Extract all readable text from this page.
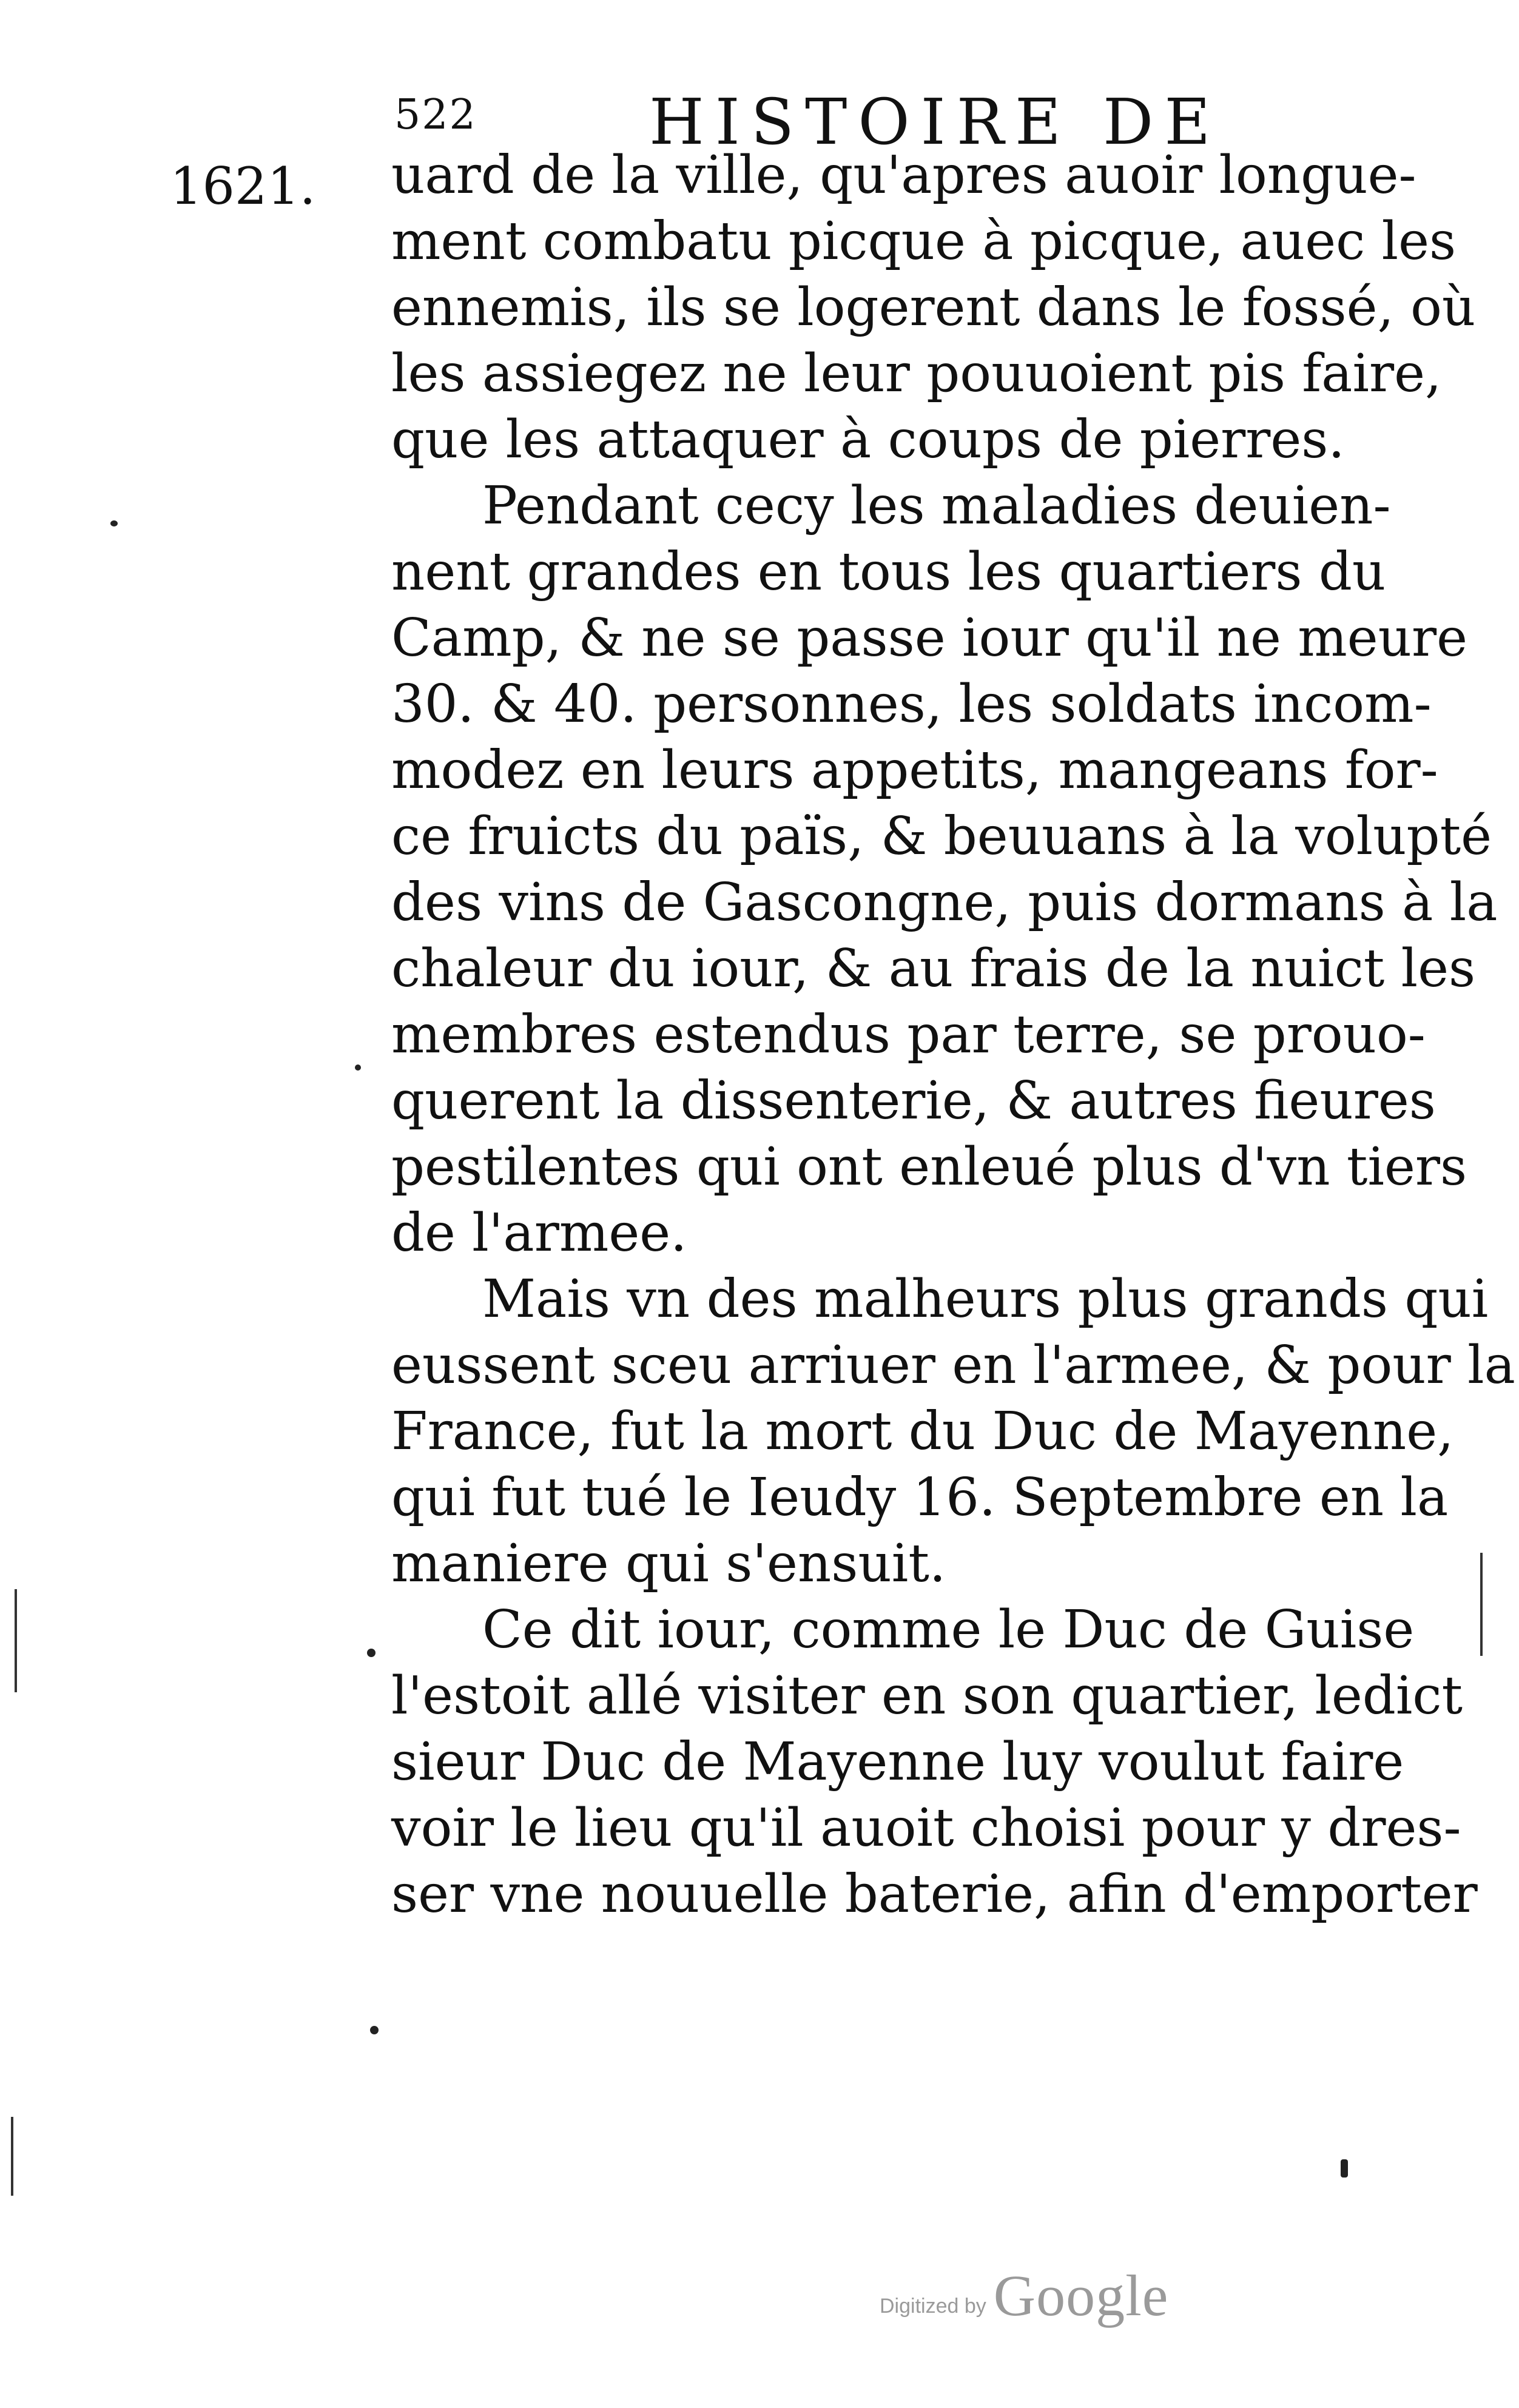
522	HISTOIRE DE
1621. uard de la ville, qu'apres auoir longue-
ment combatu picque à picque, auec les
ennemis, ils se logerent dans le fossé, où
les assiegez ne leur pouuoient pis faire,
que les attaquer à coups de pierres.
Pendant cecy les maladies deuien-
nent grandes en tous les quartiers du
Camp, & ne se passe iour qu'il ne meure
30. & 40. personnes, les soldats incom-
modez en leurs appetits, mangeans for-
ce fruicts du païs, & beuuans à la volupté
des vins de Gascongne, puis dormans à la
chaleur du iour, & au frais de la nuict les
membres estendus par terre, se prouo-
querent la dissenterie, & autres fieures
pestilentes qui ont enleué plus d'vn tiers
de l'armee.
Mais vn des malheurs plus grands qui
eussent sceu arriuer en l'armee, & pour la
France, fut la mort du Duc de Mayenne,
qui fut tué le Ieudy 16. Septembre en la
maniere qui s'ensuit.
Ce dit iour, comme le Duc de Guise
l'estoit allé visiter en son quartier, ledict
sieur Duc de Mayenne luy voulut faire
voir le lieu qu'il auoit choisi pour y dres-
ser vne nouuelle baterie, afin d'emporter
Digitized by Google
